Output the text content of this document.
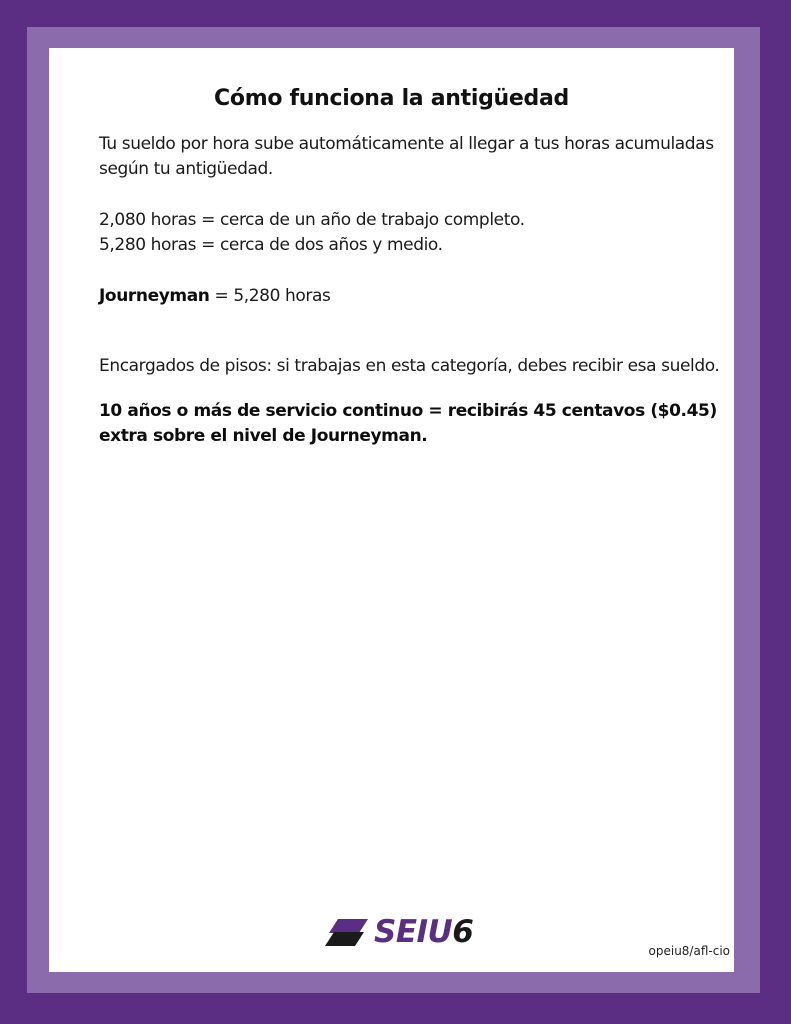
Cómo funciona la antigüedad

Tu sueldo por hora sube automáticamente al llegar a tus horas acumuladas
según tu antigüedad.

2,080 horas = cerca de un año de trabajo completo.
5,280 horas = cerca de dos años y medio.

Journeyman = 5,280 horas

Encargados de pisos: si trabajas en esta categoría, debes recibir esa sueldo.

10 años o más de servicio continuo = recibirás 45 centavos ($0.45)
extra sobre el nivel de Journeyman.

SEIU6
opeiu8/afl-cio
